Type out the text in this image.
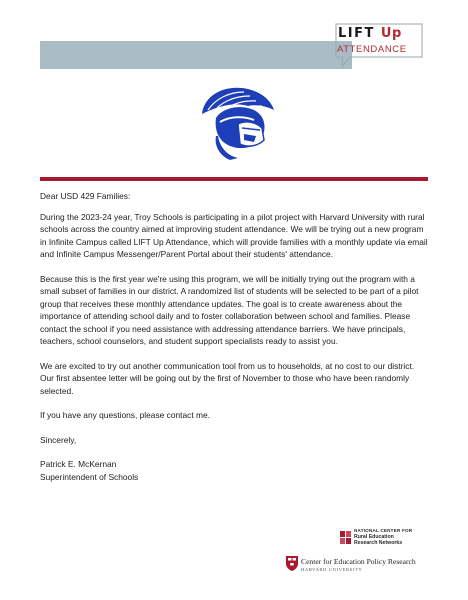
LIFT Up
ATTENDANCE

Dear USD 429 Families:

During the 2023-24 year, Troy Schools is participating in a pilot project with Harvard University with rural schools across the country aimed at improving student attendance. We will be trying out a new program in Infinite Campus called LIFT Up Attendance, which will provide families with a monthly update via email and Infinite Campus Messenger/Parent Portal about their students' attendance.

Because this is the first year we're using this program, we will be initially trying out the program with a small subset of families in our district. A randomized list of students will be selected to be part of a pilot group that receives these monthly attendance updates. The goal is to create awareness about the importance of attending school daily and to foster collaboration between school and families. Please contact the school if you need assistance with addressing attendance barriers. We have principals, teachers, school counselors, and student support specialists ready to assist you.

We are excited to try out another communication tool from us to households, at no cost to our district. Our first absentee letter will be going out by the first of November to those who have been randomly selected.

If you have any questions, please contact me.

Sincerely,

Patrick E. McKernan

Superintendent of Schools

NATIONAL CENTER FOR
Rural Education
Research Networks
Center for Education Policy Research
HARVARD UNIVERSITY
